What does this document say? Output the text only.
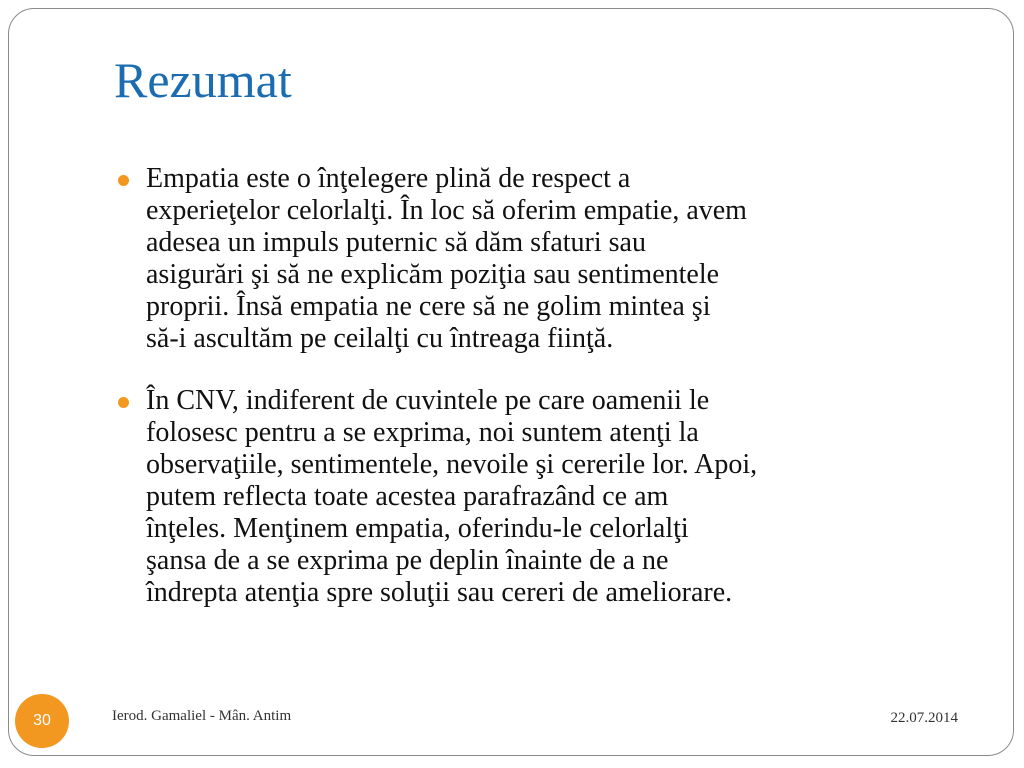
Rezumat
Empatia este o înţelegere plină de respect a
experieţelor celorlalţi. În loc să oferim empatie, avem
adesea un impuls puternic să dăm sfaturi sau
asigurări şi să ne explicăm poziţia sau sentimentele
proprii. Însă empatia ne cere să ne golim mintea şi
să-i ascultăm pe ceilalţi cu întreaga fiinţă.
În CNV, indiferent de cuvintele pe care oamenii le
folosesc pentru a se exprima, noi suntem atenţi la
observaţiile, sentimentele, nevoile şi cererile lor. Apoi,
putem reflecta toate acestea parafrazând ce am
înţeles. Menţinem empatia, oferindu-le celorlalţi
şansa de a se exprima pe deplin înainte de a ne
îndrepta atenţia spre soluţii sau cereri de ameliorare.
30	Ierod. Gamaliel - Mân. Antim	22.07.2014
